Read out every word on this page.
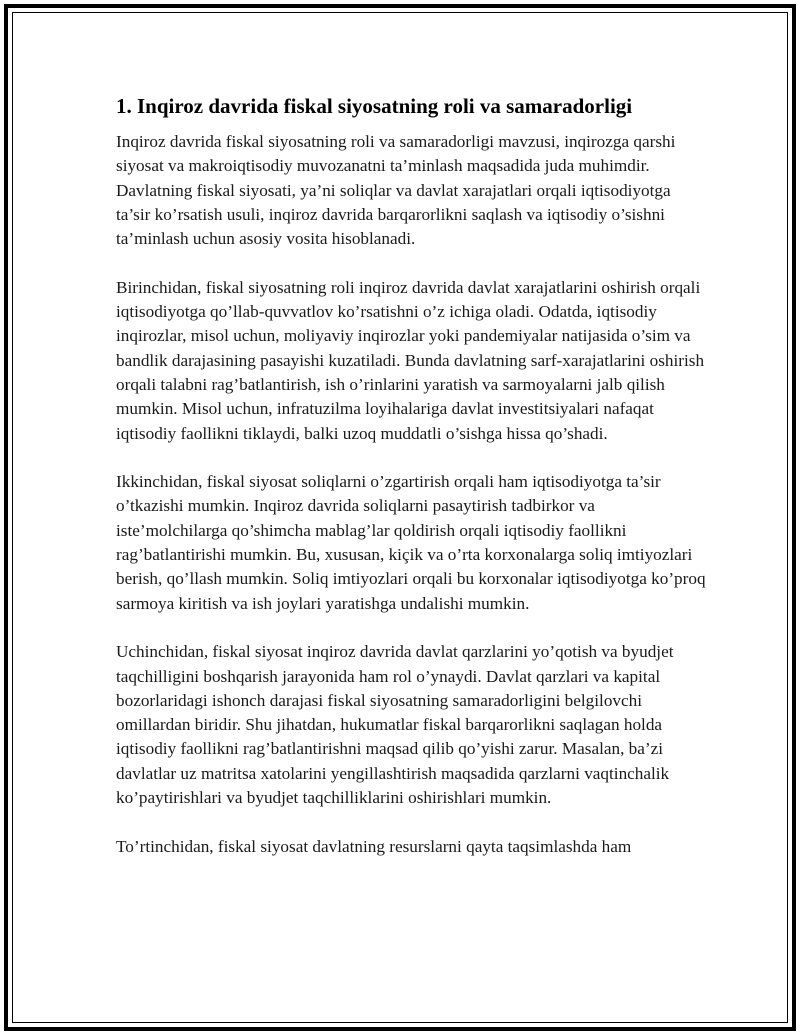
1. Inqiroz davrida fiskal siyosatning roli va samaradorligi

Inqiroz davrida fiskal siyosatning roli va samaradorligi mavzusi, inqirozga qarshi siyosat va makroiqtisodiy muvozanatni ta’minlash maqsadida juda muhimdir. Davlatning fiskal siyosati, ya’ni soliqlar va davlat xarajatlari orqali iqtisodiyotga ta’sir ko’rsatish usuli, inqiroz davrida barqarorlikni saqlash va iqtisodiy o’sishni ta’minlash uchun asosiy vosita hisoblanadi.

Birinchidan, fiskal siyosatning roli inqiroz davrida davlat xarajatlarini oshirish orqali iqtisodiyotga qo’llab-quvvatlov ko’rsatishni o’z ichiga oladi. Odatda, iqtisodiy inqirozlar, misol uchun, moliyaviy inqirozlar yoki pandemiyalar natijasida o’sim va bandlik darajasining pasayishi kuzatiladi. Bunda davlatning sarf-xarajatlarini oshirish orqali talabni rag’batlantirish, ish o’rinlarini yaratish va sarmoyalarni jalb qilish mumkin. Misol uchun, infratuzilma loyihalariga davlat investitsiyalari nafaqat iqtisodiy faollikni tiklaydi, balki uzoq muddatli o’sishga hissa qo’shadi.

Ikkinchidan, fiskal siyosat soliqlarni o’zgartirish orqali ham iqtisodiyotga ta’sir o’tkazishi mumkin. Inqiroz davrida soliqlarni pasaytirish tadbirkor va iste’molchilarga qo’shimcha mablag’lar qoldirish orqali iqtisodiy faollikni rag’batlantirishi mumkin. Bu, xususan, kiçik va o’rta korxonalarga soliq imtiyozlari berish, qo’llash mumkin. Soliq imtiyozlari orqali bu korxonalar iqtisodiyotga ko’proq sarmoya kiritish va ish joylari yaratishga undalishi mumkin.

Uchinchidan, fiskal siyosat inqiroz davrida davlat qarzlarini yo’qotish va byudjet taqchilligini boshqarish jarayonida ham rol o’ynaydi. Davlat qarzlari va kapital bozorlaridagi ishonch darajasi fiskal siyosatning samaradorligini belgilovchi omillardan biridir. Shu jihatdan, hukumatlar fiskal barqarorlikni saqlagan holda iqtisodiy faollikni rag’batlantirishni maqsad qilib qo’yishi zarur. Masalan, ba’zi davlatlar uz matritsa xatolarini yengillashtirish maqsadida qarzlarni vaqtinchalik ko’paytirishlari va byudjet taqchilliklarini oshirishlari mumkin.

To’rtinchidan, fiskal siyosat davlatning resurslarni qayta taqsimlashda ham
